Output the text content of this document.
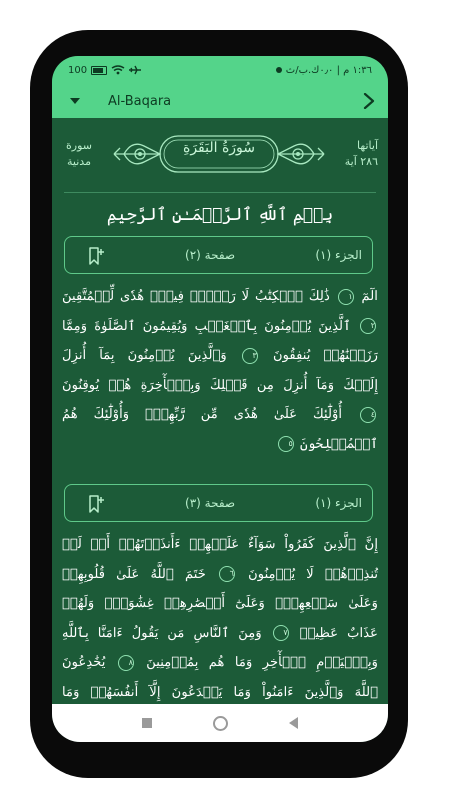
100	١:٣٦ م | ٠٫٠ك.ب/ث
Al-Baqara
آياتها
٢٨٦ آية
سورة
مدنية
سُورَةُ البَقَرَةِ
بِسۡمِ ٱللَّهِ ٱلرَّحۡمَـٰنِ ٱلرَّحِيمِ
الجزء (١)
صفحة (٢)
الٓمٓ ١ ذَٰلِكَ ٱلۡكِتَٰبُ لَا رَيۡبَۛ فِيهِۛ هُدٗى لِّلۡمُتَّقِينَ
٢ ٱلَّذِينَ يُؤۡمِنُونَ بِٱلۡغَيۡبِ وَيُقِيمُونَ ٱلصَّلَوٰةَ وَمِمَّا
رَزَقۡنَٰهُمۡ يُنفِقُونَ ٣ وَٱلَّذِينَ يُؤۡمِنُونَ بِمَآ أُنزِلَ
إِلَيۡكَ وَمَآ أُنزِلَ مِن قَبۡلِكَ وَبِٱلۡأٓخِرَةِ هُمۡ يُوقِنُونَ
٤ أُوْلَٰٓئِكَ عَلَىٰ هُدٗى مِّن رَّبِّهِمۡۖ وَأُوْلَٰٓئِكَ هُمُ
ٱلۡمُفۡلِحُونَ ٥
الجزء (١)
صفحة (٣)
إِنَّ ٱلَّذِينَ كَفَرُواْ سَوَآءٌ عَلَيۡهِمۡ ءَأَنذَرۡتَهُمۡ أَمۡ لَمۡ
تُنذِرۡهُمۡ لَا يُؤۡمِنُونَ ٦ خَتَمَ ٱللَّهُ عَلَىٰ قُلُوبِهِمۡ
وَعَلَىٰ سَمۡعِهِمۡۖ وَعَلَىٰٓ أَبۡصَٰرِهِمۡ غِشَٰوَةٞۖ وَلَهُمۡ
عَذَابٌ عَظِيمٞ ٧ وَمِنَ ٱلنَّاسِ مَن يَقُولُ ءَامَنَّا بِٱللَّهِ
وَبِٱلۡيَوۡمِ ٱلۡأٓخِرِ وَمَا هُم بِمُؤۡمِنِينَ ٨ يُخَٰدِعُونَ
ٱللَّهَ وَٱلَّذِينَ ءَامَنُواْ وَمَا يَخۡدَعُونَ إِلَّآ أَنفُسَهُمۡ وَمَا
